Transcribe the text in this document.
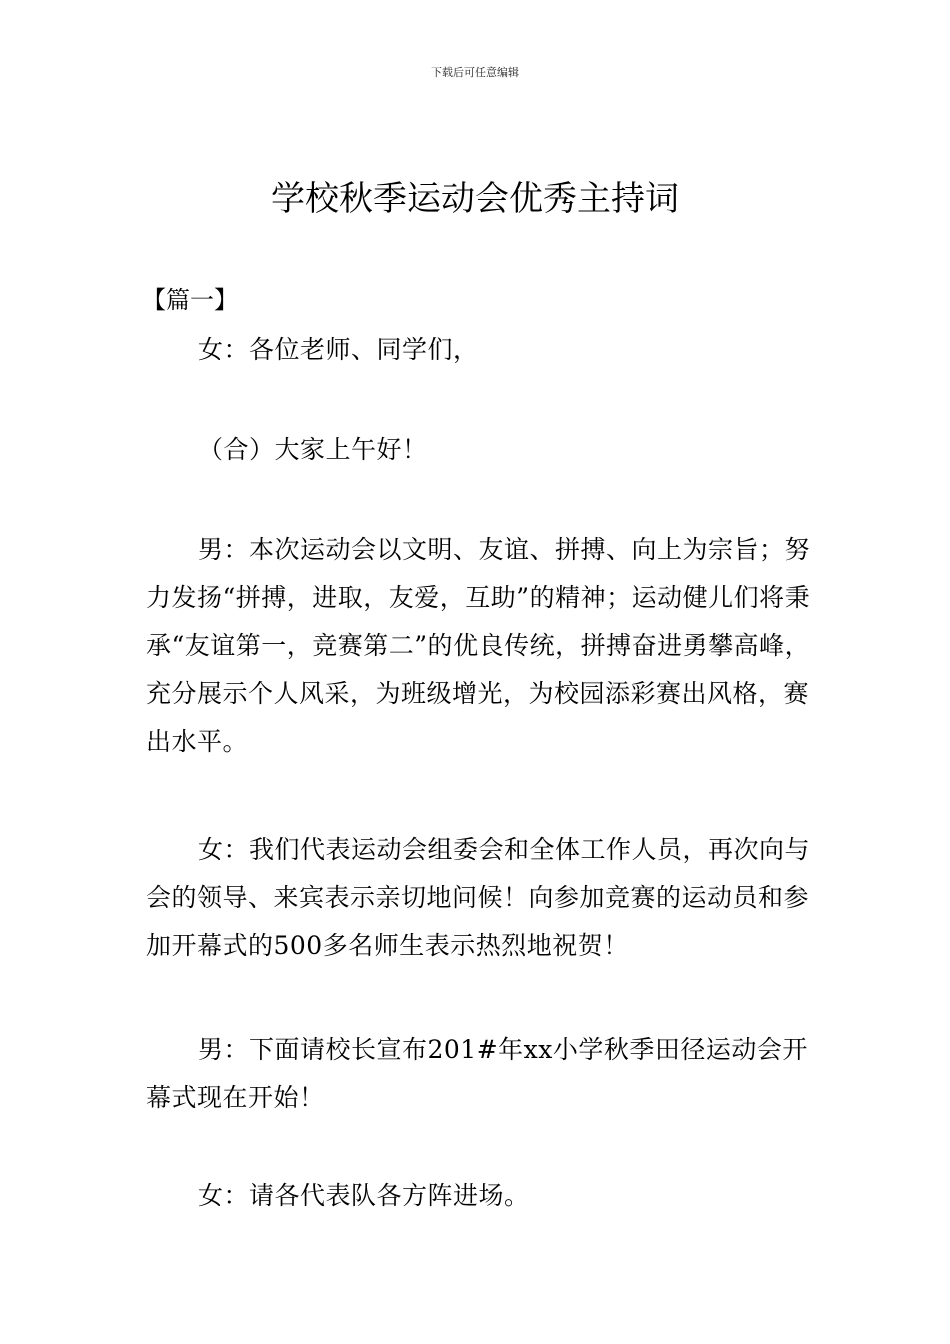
下载后可任意编辑
学校秋季运动会优秀主持词
【篇一】

女：各位老师、同学们，

（合）大家上午好！

男：本次运动会以文明、友谊、拼搏、向上为宗旨；努力发扬“拼搏，进取，友爱，互助”的精神；运动健儿们将秉承“友谊第一，竞赛第二”的优良传统，拼搏奋进勇攀高峰，充分展示个人风采，为班级增光，为校园添彩赛出风格，赛出水平。

女：我们代表运动会组委会和全体工作人员，再次向与会的领导、来宾表示亲切地问候！向参加竞赛的运动员和参加开幕式的500多名师生表示热烈地祝贺！

男：下面请校长宣布201#年xx小学秋季田径运动会开幕式现在开始！

女：请各代表队各方阵进场。
